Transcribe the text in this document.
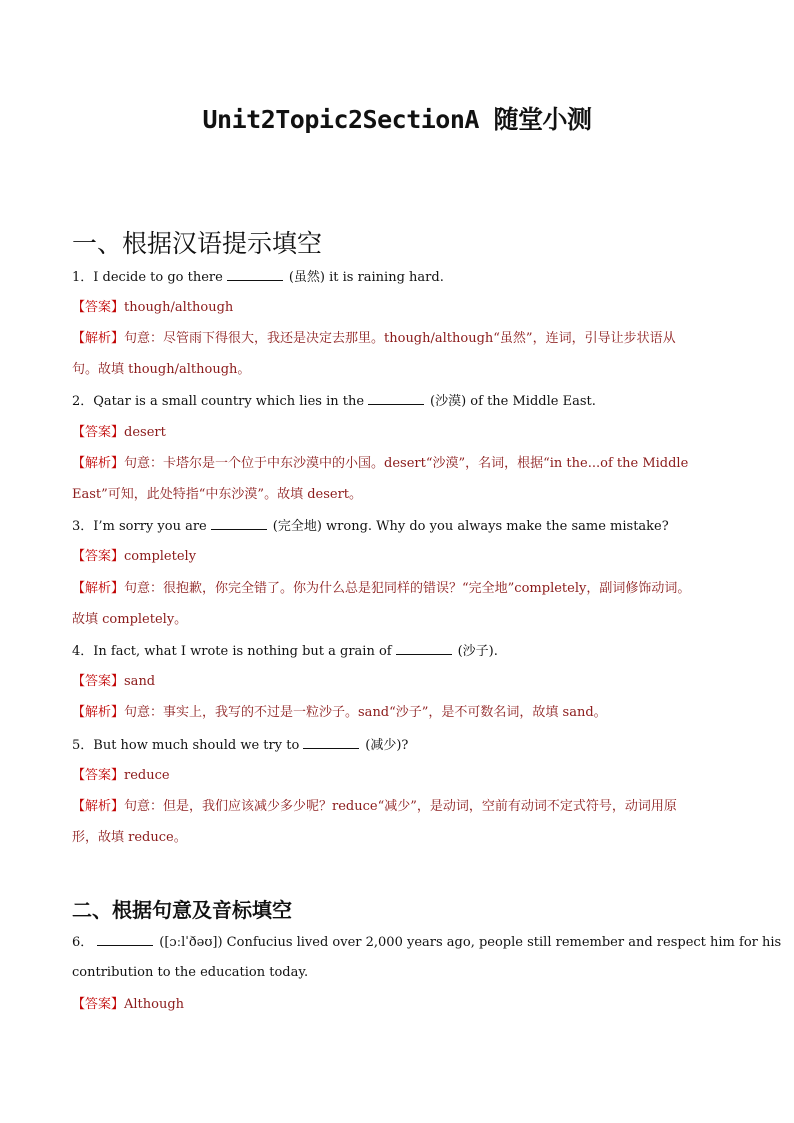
Unit2Topic2SectionA 随堂小测
一、根据汉语提示填空
1．I decide to go there	(虽然) it is raining hard.
【答案】though/although
【解析】句意：尽管雨下得很大，我还是决定去那里。though/although“虽然”，连词，引导让步状语从
句。故填 though/although。
2．Qatar is a small country which lies in the	(沙漠) of the Middle East.
【答案】desert
【解析】句意：卡塔尔是一个位于中东沙漠中的小国。desert“沙漠”，名词，根据“in the...of the Middle
East”可知，此处特指“中东沙漠”。故填 desert。
3．I’m sorry you are	(完全地) wrong. Why do you always make the same mistake?
【答案】completely
【解析】句意：很抱歉，你完全错了。你为什么总是犯同样的错误？“完全地”completely，副词修饰动词。
故填 completely。
4．In fact, what I wrote is nothing but a grain of	(沙子).
【答案】sand
【解析】句意：事实上，我写的不过是一粒沙子。sand“沙子”，是不可数名词，故填 sand。
5．But how much should we try to	(减少)?
【答案】reduce
【解析】句意：但是，我们应该减少多少呢？reduce“减少”，是动词，空前有动词不定式符号，动词用原
形，故填 reduce。
二、根据句意及音标填空
6．	([ɔːlˈðəʊ]) Confucius lived over 2,000 years ago, people still remember and respect him for his
contribution to the education today.
【答案】Although
